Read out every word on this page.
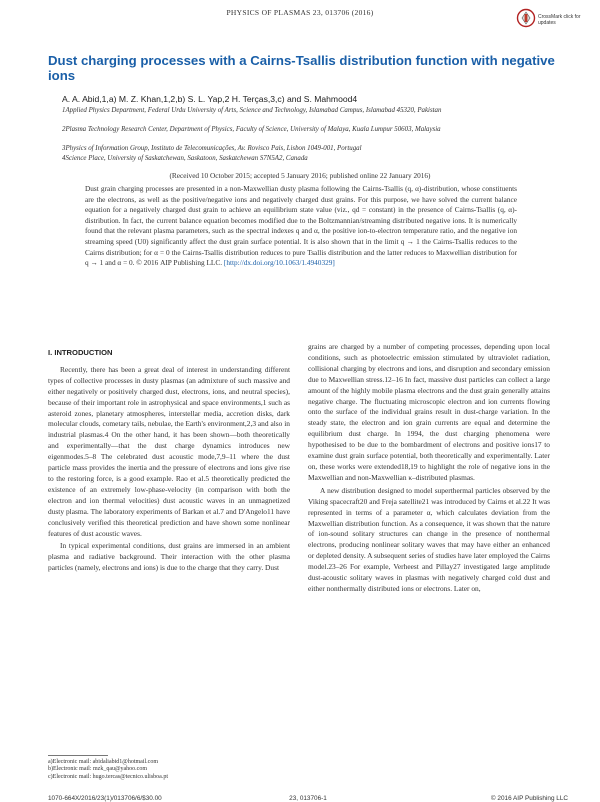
PHYSICS OF PLASMAS 23, 013706 (2016)	CrossMark click for updates
Dust charging processes with a Cairns-Tsallis distribution function with negative ions
A. A. Abid,1,a) M. Z. Khan,1,2,b) S. L. Yap,2 H. Terças,3,c) and S. Mahmood4
1Applied Physics Department, Federal Urdu University of Arts, Science and Technology, Islamabad Campus, Islamabad 45320, Pakistan
2Plasma Technology Research Center, Department of Physics, Faculty of Science, University of Malaya, Kuala Lumpur 50603, Malaysia
3Physics of Information Group, Instituto de Telecomunicações, Av. Rovisco Pais, Lisbon 1049-001, Portugal
4Science Place, University of Saskatchewan, Saskatoon, Saskatchewan S7N5A2, Canada
(Received 10 October 2015; accepted 5 January 2016; published online 22 January 2016)

Dust grain charging processes are presented in a non-Maxwellian dusty plasma following the Cairns-Tsallis (q, α)-distribution, whose constituents are the electrons, as well as the positive/negative ions and negatively charged dust grains. For this purpose, we have solved the current balance equation for a negatively charged dust grain to achieve an equilibrium state value (viz., qd = constant) in the presence of Cairns-Tsallis (q, α)-distribution. In fact, the current balance equation becomes modified due to the Boltzmannian/streaming distributed negative ions. It is numerically found that the relevant plasma parameters, such as the spectral indexes q and α, the positive ion-to-electron temperature ratio, and the negative ion streaming speed (U0) significantly affect the dust grain surface potential. It is also shown that in the limit q → 1 the Cairns-Tsallis reduces to the Cairns distribution; for α = 0 the Cairns-Tsallis distribution reduces to pure Tsallis distribution and the latter reduces to Maxwellian distribution for q → 1 and α = 0. © 2016 AIP Publishing LLC. [http://dx.doi.org/10.1063/1.4940329]

I. INTRODUCTION

Recently, there has been a great deal of interest in understanding different types of collective processes in dusty plasmas (an admixture of such massive and either negatively or positively charged dust, electrons, ions, and neutral species), because of their important role in astrophysical and space environments,1 such as asteroid zones, planetary atmospheres, interstellar media, accretion disks, dark molecular clouds, cometary tails, nebulae, the Earth's environment,2,3 and also in industrial plasmas.4 On the other hand, it has been shown—both theoretically and experimentally—that the dust charge dynamics introduces new eigenmodes.5–8 The celebrated dust acoustic mode,7,9–11 where the dust particle mass provides the inertia and the pressure of electrons and ions give rise to the restoring force, is a good example. Rao et al.5 theoretically predicted the existence of an extremely low-phase-velocity (in comparison with both the electron and ion thermal velocities) dust acoustic waves in an unmagnetized dusty plasma. The laboratory experiments of Barkan et al.7 and D'Angelo11 have conclusively verified this theoretical prediction and have shown some nonlinear features of dust acoustic waves.

In typical experimental conditions, dust grains are immersed in an ambient plasma and radiative background. Their interaction with the other plasma particles (namely, electrons and ions) is due to the charge that they carry. Dust

grains are charged by a number of competing processes, depending upon local conditions, such as photoelectric emission stimulated by ultraviolet radiation, collisional charging by electrons and ions, and disruption and secondary emission due to Maxwellian stress.12–16 In fact, massive dust particles can collect a large amount of the highly mobile plasma electrons and the dust grain generally attains negative charge. The fluctuating microscopic electron and ion currents flowing onto the surface of the individual grains result in dust-charge variation. In the steady state, the electron and ion grain currents are equal and determine the equilibrium dust charge. In 1994, the dust charging phenomena were hypothesised to be due to the bombardment of electrons and positive ions17 to examine dust grain surface potential, both theoretically and experimentally. Later on, these works were extended18,19 to highlight the role of negative ions in the Maxwellian and non-Maxwellian κ–distributed plasmas.

A new distribution designed to model superthermal particles observed by the Viking spacecraft20 and Freja satellite21 was introduced by Cairns et al.22 It was represented in terms of a parameter α, which calculates deviation from the Maxwellian distribution function. As a consequence, it was shown that the nature of ion-sound solitary structures can change in the presence of nonthermal electrons, producing nonlinear solitary waves that may have either an enhanced or depleted density. A subsequent series of studies have later employed the Cairns model.23–26 For example, Verheest and Pillay27 investigated large amplitude dust-acoustic solitary waves in plasmas with negatively charged cold dust and either nonthermally distributed ions or electrons. Later on,

a)Electronic mail: abidaliabid1@hotmail.com
b)Electronic mail: mzk_qau@yahoo.com
c)Electronic mail: hugo.tercas@tecnico.ulisboa.pt
1070-664X/2016/23(1)/013706/6/$30.00	23, 013706-1	© 2016 AIP Publishing LLC
